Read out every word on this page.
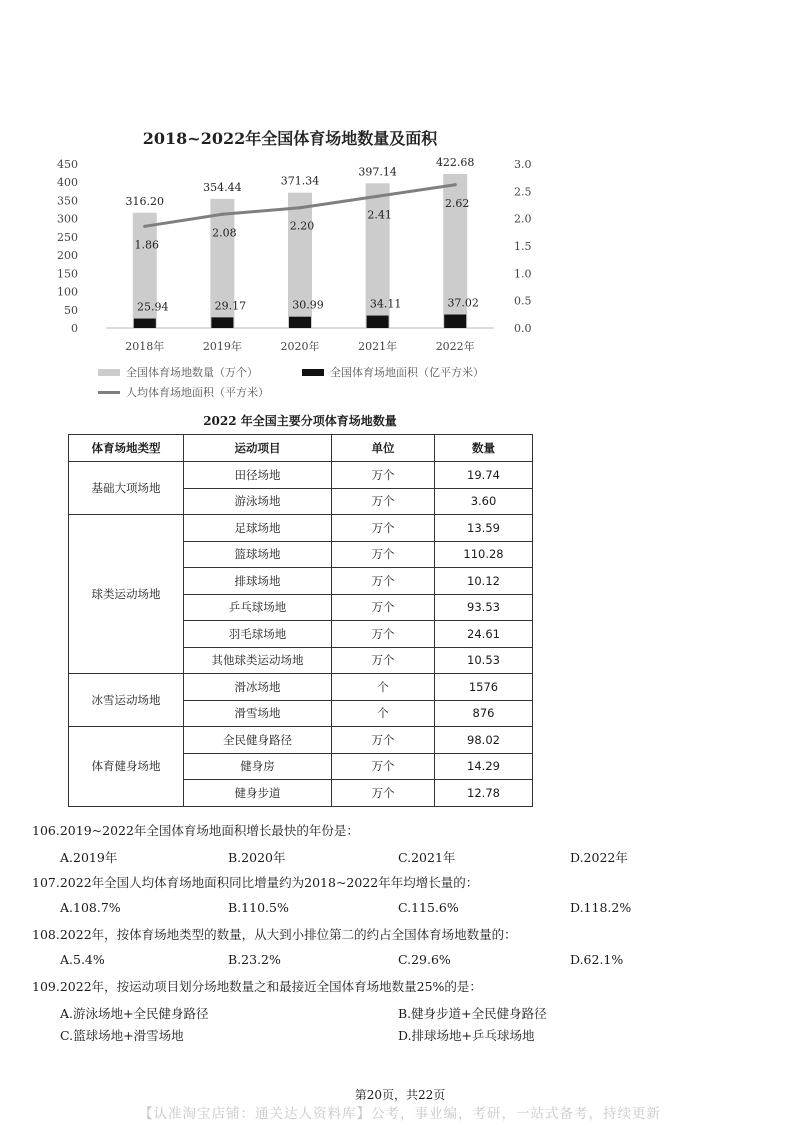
2018~2022年全国体育场地数量及面积
0
50
100
150
200
250
300
350
400
450
0.0
0.5
1.0
1.5
2.0
2.5
3.0
2018年	2019年	2020年	2021年	2022年
316.20
354.44	371.34
397.14
422.68
25.94	29.17	30.99	34.11	37.02
1.86
2.08
2.20
2.41
2.62
全国体育场地数量（万个）	全国体育场地面积（亿平方米）
人均体育场地面积（平方米）
2022 年全国主要分项体育场地数量
体育场地类型	运动项目	单位	数量
基础大项场地	田径场地	万个	19.74
	游泳场地	万个	3.60
球类运动场地	足球场地	万个	13.59
	篮球场地	万个	110.28
	排球场地	万个	10.12
	乒乓球场地	万个	93.53
	羽毛球场地	万个	24.61
	其他球类运动场地	万个	10.53
冰雪运动场地	滑冰场地	个	1576
	滑雪场地	个	876
体育健身场地	全民健身路径	万个	98.02
	健身房	万个	14.29
	健身步道	万个	12.78
106.2019~2022年全国体育场地面积增长最快的年份是：
A.2019年	B.2020年	C.2021年	D.2022年
107.2022年全国人均体育场地面积同比增量约为2018~2022年年均增长量的：
A.108.7%	B.110.5%	C.115.6%	D.118.2%
108.2022年，按体育场地类型的数量，从大到小排位第二的约占全国体育场地数量的：
A.5.4%	B.23.2%	C.29.6%	D.62.1%
109.2022年，按运动项目划分场地数量之和最接近全国体育场地数量25%的是：
A.游泳场地+全民健身路径	B.健身步道+全民健身路径
C.篮球场地+滑雪场地	D.排球场地+乒乓球场地
第20页，共22页
【认准淘宝店铺：通关达人资料库】公考，事业编，考研，一站式备考，持续更新
